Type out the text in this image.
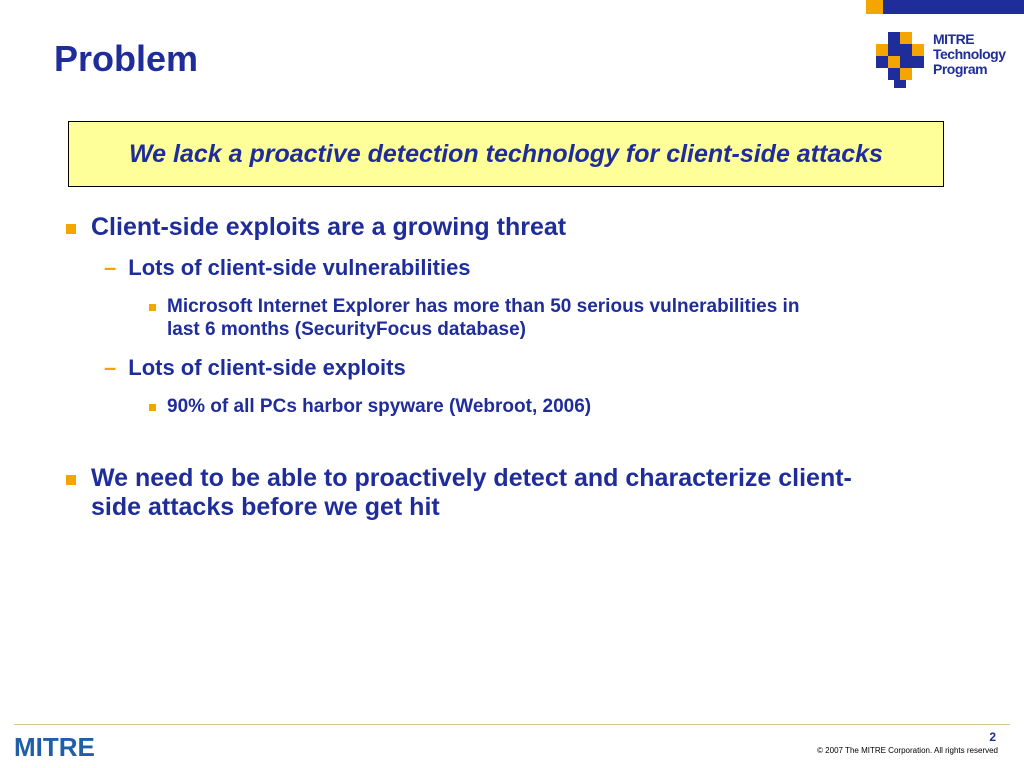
Problem	MITRE
Technology
Program
We lack a proactive detection technology for client-side attacks
Client-side exploits are a growing threat
– Lots of client-side vulnerabilities
Microsoft Internet Explorer has more than 50 serious vulnerabilities in
last 6 months (SecurityFocus database)
– Lots of client-side exploits
90% of all PCs harbor spyware (Webroot, 2006)
We need to be able to proactively detect and characterize client-
side attacks before we get hit
MITRE	2
© 2007 The MITRE Corporation. All rights reserved
